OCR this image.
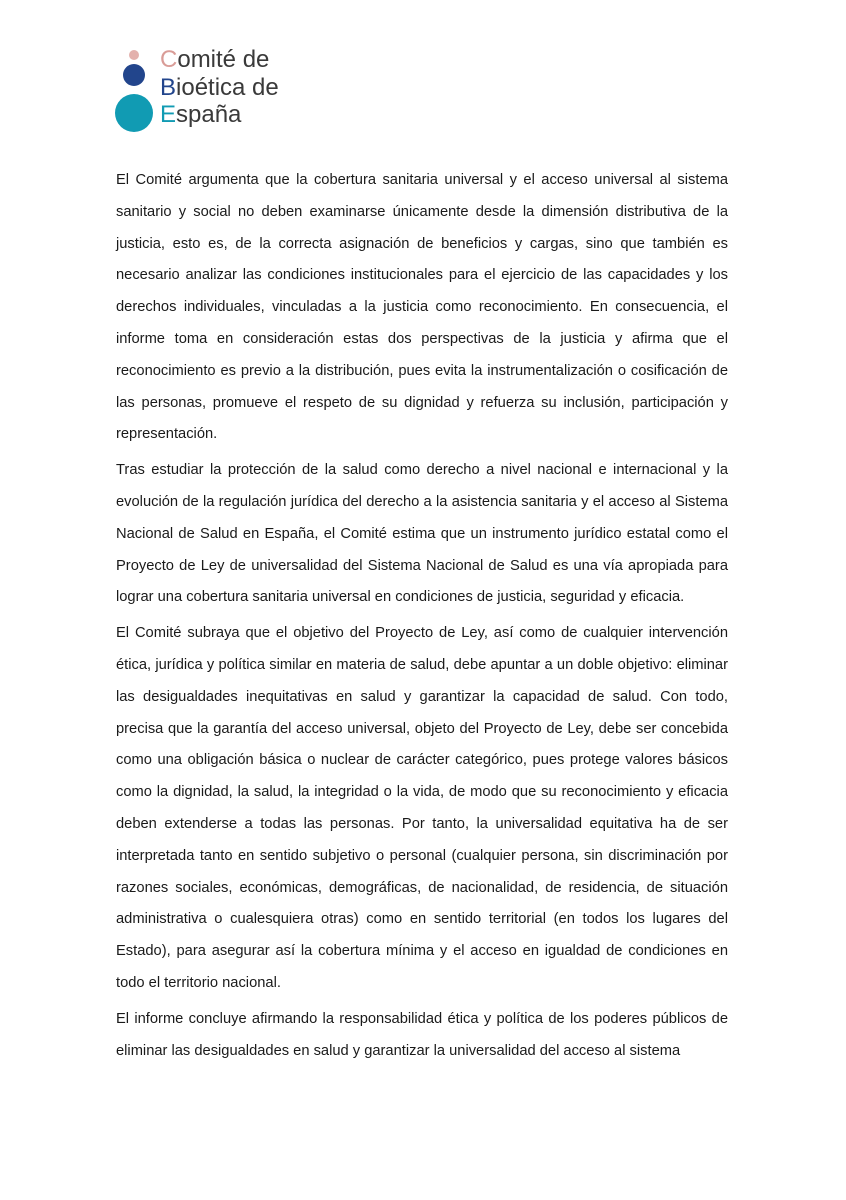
Comité de
Bioética de
España

El Comité argumenta que la cobertura sanitaria universal y el acceso universal al sistema sanitario y social no deben examinarse únicamente desde la dimensión distributiva de la justicia, esto es, de la correcta asignación de beneficios y cargas, sino que también es necesario analizar las condiciones institucionales para el ejercicio de las capacidades y los derechos individuales, vinculadas a la justicia como reconocimiento. En consecuencia, el informe toma en consideración estas dos perspectivas de la justicia y afirma que el reconocimiento es previo a la distribución, pues evita la instrumentalización o cosificación de las personas, promueve el respeto de su dignidad y refuerza su inclusión, participación y representación.

Tras estudiar la protección de la salud como derecho a nivel nacional e internacional y la evolución de la regulación jurídica del derecho a la asistencia sanitaria y el acceso al Sistema Nacional de Salud en España, el Comité estima que un instrumento jurídico estatal como el Proyecto de Ley de universalidad del Sistema Nacional de Salud es una vía apropiada para lograr una cobertura sanitaria universal en condiciones de justicia, seguridad y eficacia.

El Comité subraya que el objetivo del Proyecto de Ley, así como de cualquier intervención ética, jurídica y política similar en materia de salud, debe apuntar a un doble objetivo: eliminar las desigualdades inequitativas en salud y garantizar la capacidad de salud. Con todo, precisa que la garantía del acceso universal, objeto del Proyecto de Ley, debe ser concebida como una obligación básica o nuclear de carácter categórico, pues protege valores básicos como la dignidad, la salud, la integridad o la vida, de modo que su reconocimiento y eficacia deben extenderse a todas las personas. Por tanto, la universalidad equitativa ha de ser interpretada tanto en sentido subjetivo o personal (cualquier persona, sin discriminación por razones sociales, económicas, demográficas, de nacionalidad, de residencia, de situación administrativa o cualesquiera otras) como en sentido territorial (en todos los lugares del Estado), para asegurar así la cobertura mínima y el acceso en igualdad de condiciones en todo el territorio nacional.

El informe concluye afirmando la responsabilidad ética y política de los poderes públicos de eliminar las desigualdades en salud y garantizar la universalidad del acceso al sistema
